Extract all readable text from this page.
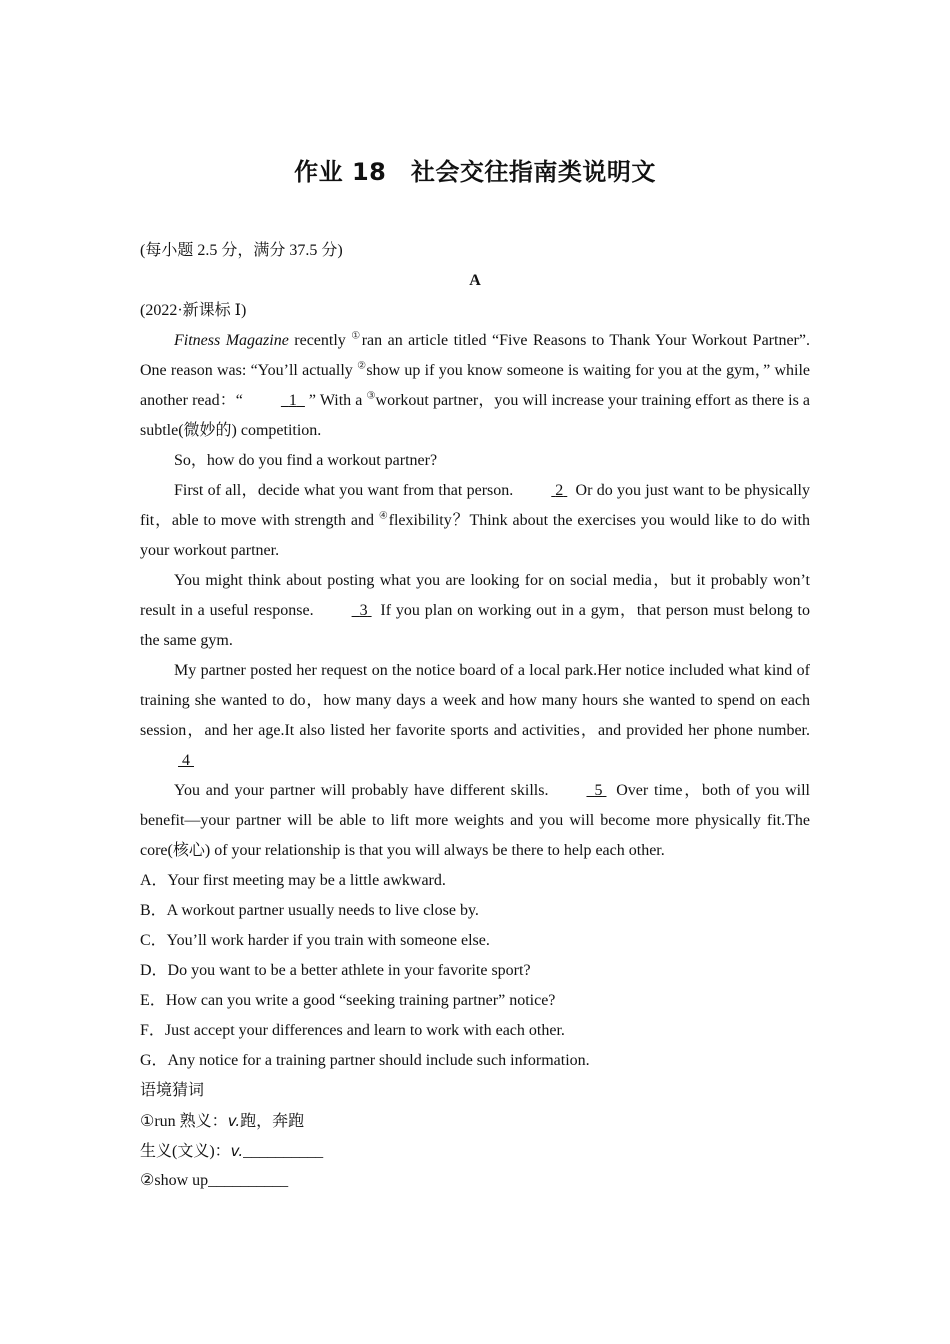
作业 18　社会交往指南类说明文
(每小题 2.5 分，满分 37.5 分)
A
(2022·新课标 Ⅰ)
Fitness Magazine recently ①ran an article titled “Five Reasons to Thank Your Workout Partner”. One reason was: “You’ll actually ②show up if you know someone is waiting for you at the gym，” while another read：“	1 ” With a ③workout partner，you will increase your training effort as there is a subtle(微妙的) competition.
So，how do you find a workout partner?
First of all，decide what you want from that person.	2  Or do you just want to be physically fit，able to move with strength and ④flexibility？Think about the exercises you would like to do with your workout partner.
You might think about posting what you are looking for on social media，but it probably won’t result in a useful response.	3  If you plan on working out in a gym，that person must belong to the same gym.
My partner posted her request on the notice board of a local park.Her notice included what kind of training she wanted to do，how many days a week and how many hours she wanted to spend on each session，and her age.It also listed her favorite sports and activities，and provided her phone number. 4
You and your partner will probably have different skills.	5  Over time，both of you will benefit—your partner will be able to lift more weights and you will become more physically fit.The core(核心) of your relationship is that you will always be there to help each other.
A．Your first meeting may be a little awkward.
B．A workout partner usually needs to live close by.
C．You’ll work harder if you train with someone else.
D．Do you want to be a better athlete in your favorite sport?
E．How can you write a good “seeking training partner” notice?
F．Just accept your differences and learn to work with each other.
G．Any notice for a training partner should include such information.
语境猜词
①run 熟义：v.跑，奔跑
生义(文义)：v.__________
②show up__________
